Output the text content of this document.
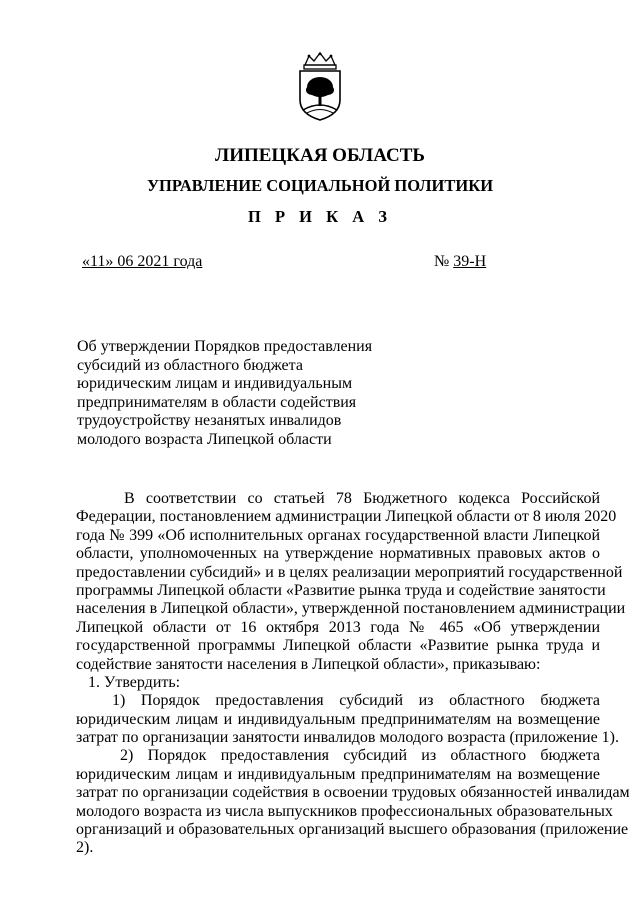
ЛИПЕЦКАЯ ОБЛАСТЬ
УПРАВЛЕНИЕ СОЦИАЛЬНОЙ ПОЛИТИКИ
П Р И К А З
«11» 06 2021 года	№ 39-Н
Об утверждении Порядков предоставления
субсидий из областного бюджета
юридическим лицам и индивидуальным
предпринимателям в области содействия
трудоустройству незанятых инвалидов
молодого возраста Липецкой области
В соответствии со статьей 78 Бюджетного кодекса Российской
Федерации, постановлением администрации Липецкой области от 8 июля 2020
года № 399 «Об исполнительных органах государственной власти Липецкой
области, уполномоченных на утверждение нормативных правовых актов о
предоставлении субсидий» и в целях реализации мероприятий государственной
программы Липецкой области «Развитие рынка труда и содействие занятости
населения в Липецкой области», утвержденной постановлением администрации
Липецкой области от 16 октября 2013 года № 465 «Об утверждении
государственной программы Липецкой области «Развитие рынка труда и
содействие занятости населения в Липецкой области», приказываю:
1. Утвердить:
1) Порядок предоставления субсидий из областного бюджета
юридическим лицам и индивидуальным предпринимателям на возмещение
затрат по организации занятости инвалидов молодого возраста (приложение 1).
2) Порядок предоставления субсидий из областного бюджета
юридическим лицам и индивидуальным предпринимателям на возмещение
затрат по организации содействия в освоении трудовых обязанностей инвалидам
молодого возраста из числа выпускников профессиональных образовательных
организаций и образовательных организаций высшего образования (приложение
2).
